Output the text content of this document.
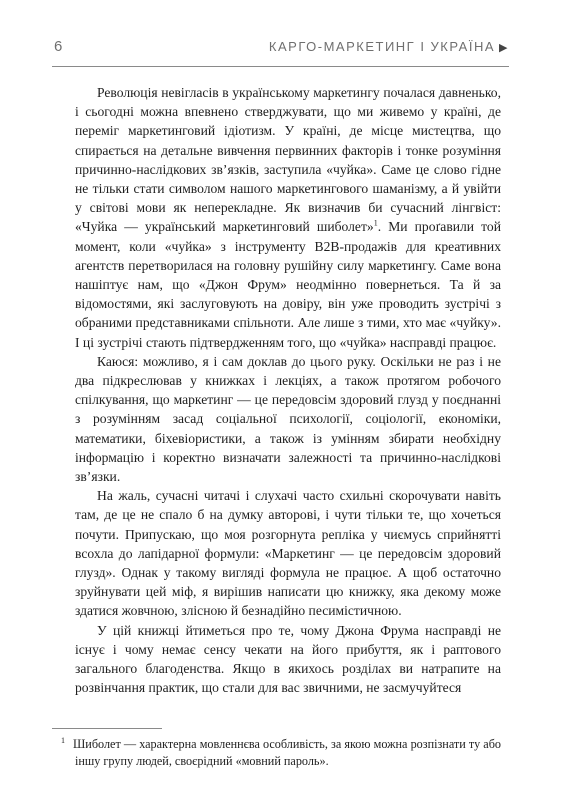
6	КАРГО-МАРКЕТИНГ І УКРАЇНА ▶

Революція невігласів в українському маркетингу почалася давненько, і сьогодні можна впевнено стверджувати, що ми живемо у країні, де переміг маркетинговий ідіотизм. У країні, де місце мистецтва, що спирається на детальне вивчення первинних факторів і тонке розуміння причинно-наслідкових зв’язків, заступила «чуйка». Саме це слово гідне не тільки стати символом нашого маркетингового шаманізму, а й увійти у світові мови як неперекладне. Як визначив би сучасний лінгвіст: «Чуйка — український маркетинговий шиболет»$^1$. Ми проґавили той момент, коли «чуйка» з інструменту B2B-продажів для креативних агентств перетворилася на головну рушійну силу маркетингу. Саме вона нашіптує нам, що «Джон Фрум» неодмінно повернеться. Та й за відомостями, які заслуговують на довіру, він уже проводить зустрічі з обраними представниками спільноти. Але лише з тими, хто має «чуйку». І ці зустрічі стають підтвердженням того, що «чуйка» насправді працює.

Каюся: можливо, я і сам доклав до цього руку. Оскільки не раз і не два підкреслював у книжках і лекціях, а також протягом робочого спілкування, що маркетинг — це передовсім здоровий глузд у поєднанні з розумінням засад соціальної психології, соціології, економіки, математики, біхевіористики, а також із умінням збирати необхідну інформацію і коректно визначати залежності та причинно-наслідкові зв’язки.

На жаль, сучасні читачі і слухачі часто схильні скорочувати навіть там, де це не спало б на думку авторові, і чути тільки те, що хочеться почути. Припускаю, що моя розгорнута репліка у чиємусь сприйнятті всохла до лапідарної формули: «Маркетинг — це передовсім здоровий глузд». Однак у такому вигляді формула не працює. А щоб остаточно зруйнувати цей міф, я вирішив написати цю книжку, яка декому може здатися жовчною, злісною й безнадійно песимістичною.

У цій книжці йтиметься про те, чому Джона Фрума насправді не існує і чому немає сенсу чекати на його прибуття, як і раптового загального благоденства. Якщо в якихось розділах ви натрапите на розвінчання практик, що стали для вас звичними, не засмучуйтеся

$^1$ Шиболет — характерна мовленнєва особливість, за якою можна розпізнати ту або іншу групу людей, своєрідний «мовний пароль».
